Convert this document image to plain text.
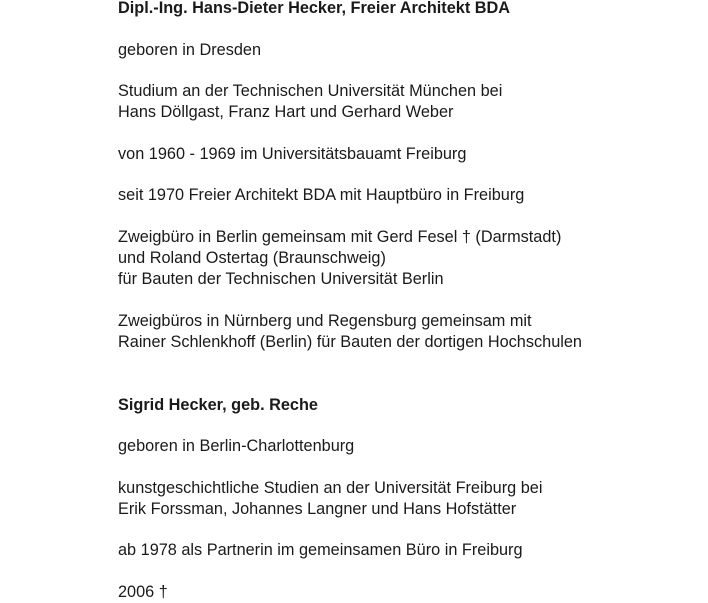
Dipl.-Ing. Hans-Dieter Hecker, Freier Architekt BDA

geboren in Dresden

Studium an der Technischen Universität München bei

Hans Döllgast, Franz Hart und Gerhard Weber

von 1960 - 1969 im Universitätsbauamt Freiburg

seit 1970 Freier Architekt BDA mit Hauptbüro in Freiburg

Zweigbüro in Berlin gemeinsam mit Gerd Fesel † (Darmstadt)

und Roland Ostertag (Braunschweig)

für Bauten der Technischen Universität Berlin

Zweigbüros in Nürnberg und Regensburg gemeinsam mit

Rainer Schlenkhoff (Berlin) für Bauten der dortigen Hochschulen

Sigrid Hecker, geb. Reche

geboren in Berlin-Charlottenburg

kunstgeschichtliche Studien an der Universität Freiburg bei

Erik Forssman, Johannes Langner und Hans Hofstätter

ab 1978 als Partnerin im gemeinsamen Büro in Freiburg

2006 †
